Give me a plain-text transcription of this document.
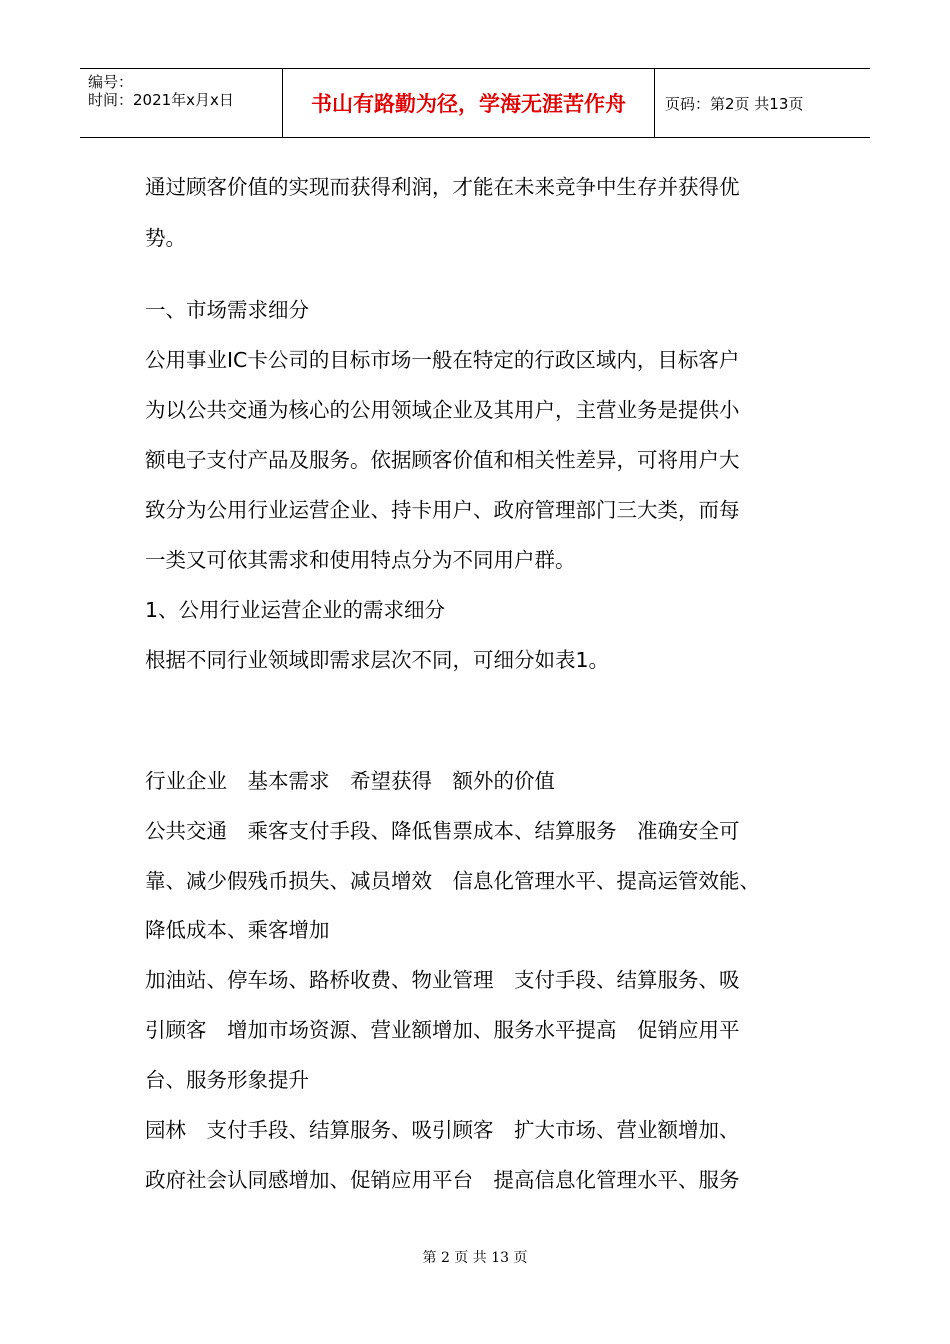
编号：
时间：2021年x月x日	书山有路勤为径，学海无涯苦作舟	页码：第2页 共13页
通过顾客价值的实现而获得利润，才能在未来竞争中生存并获得优
势。
一、市场需求细分
公用事业IC卡公司的目标市场一般在特定的行政区域内，目标客户
为以公共交通为核心的公用领域企业及其用户，主营业务是提供小
额电子支付产品及服务。依据顾客价值和相关性差异，可将用户大
致分为公用行业运营企业、持卡用户、政府管理部门三大类，而每
一类又可依其需求和使用特点分为不同用户群。
1、公用行业运营企业的需求细分
根据不同行业领域即需求层次不同，可细分如表1。
行业企业　基本需求　希望获得　额外的价值
公共交通　乘客支付手段、降低售票成本、结算服务　准确安全可
靠、减少假残币损失、减员增效　信息化管理水平、提高运管效能、
降低成本、乘客增加
加油站、停车场、路桥收费、物业管理　支付手段、结算服务、吸
引顾客　增加市场资源、营业额增加、服务水平提高　促销应用平
台、服务形象提升
园林　支付手段、结算服务、吸引顾客　扩大市场、营业额增加、
政府社会认同感增加、促销应用平台　提高信息化管理水平、服务
第 2 页 共 13 页
